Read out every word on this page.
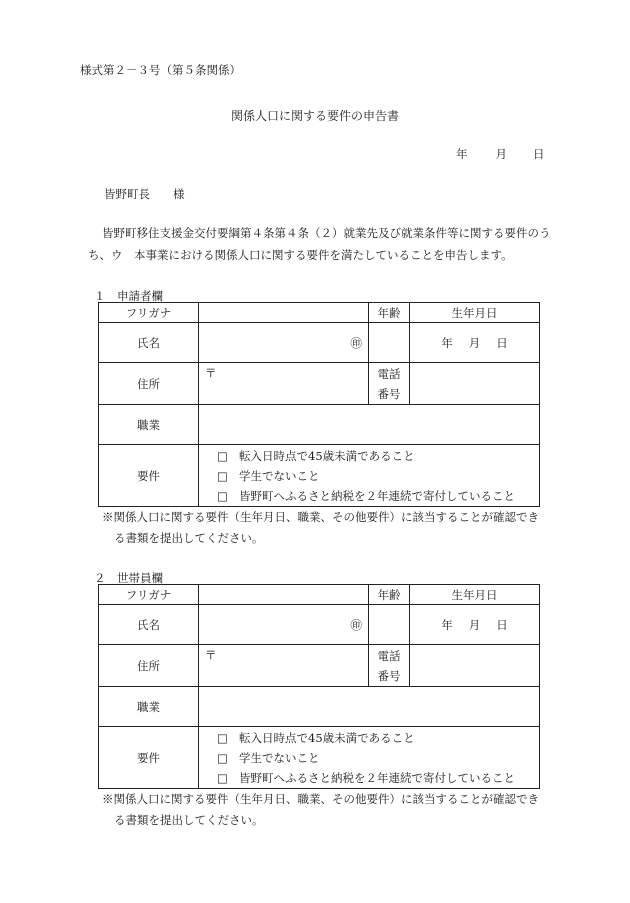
様式第２－３号（第５条関係）
関係人口に関する要件の申告書
年 月 日
皆野町長　　様
皆野町移住支援金交付要綱第４条第４条（２）就業先及び就業条件等に関する要件のうち、ウ　本事業における関係人口に関する要件を満たしていることを申告します。
１　申請者欄
フリガナ		年齢	生年月日
氏名	㊞		年 月 日
住所	〒	電話
番号	

職業			
要件	□ 転入日時点で45歳未満であること
□ 学生でないこと
□ 皆野町へふるさと納税を２年連続で寄付していること		
※関係人口に関する要件（生年月日、職業、その他要件）に該当することが確認でき
る書類を提出してください。
２　世帯員欄
フリガナ		年齢	生年月日
氏名	㊞		年 月 日
住所	〒	電話
番号	

職業			
要件	□ 転入日時点で45歳未満であること
□ 学生でないこと
□ 皆野町へふるさと納税を２年連続で寄付していること		
※関係人口に関する要件（生年月日、職業、その他要件）に該当することが確認でき
る書類を提出してください。
